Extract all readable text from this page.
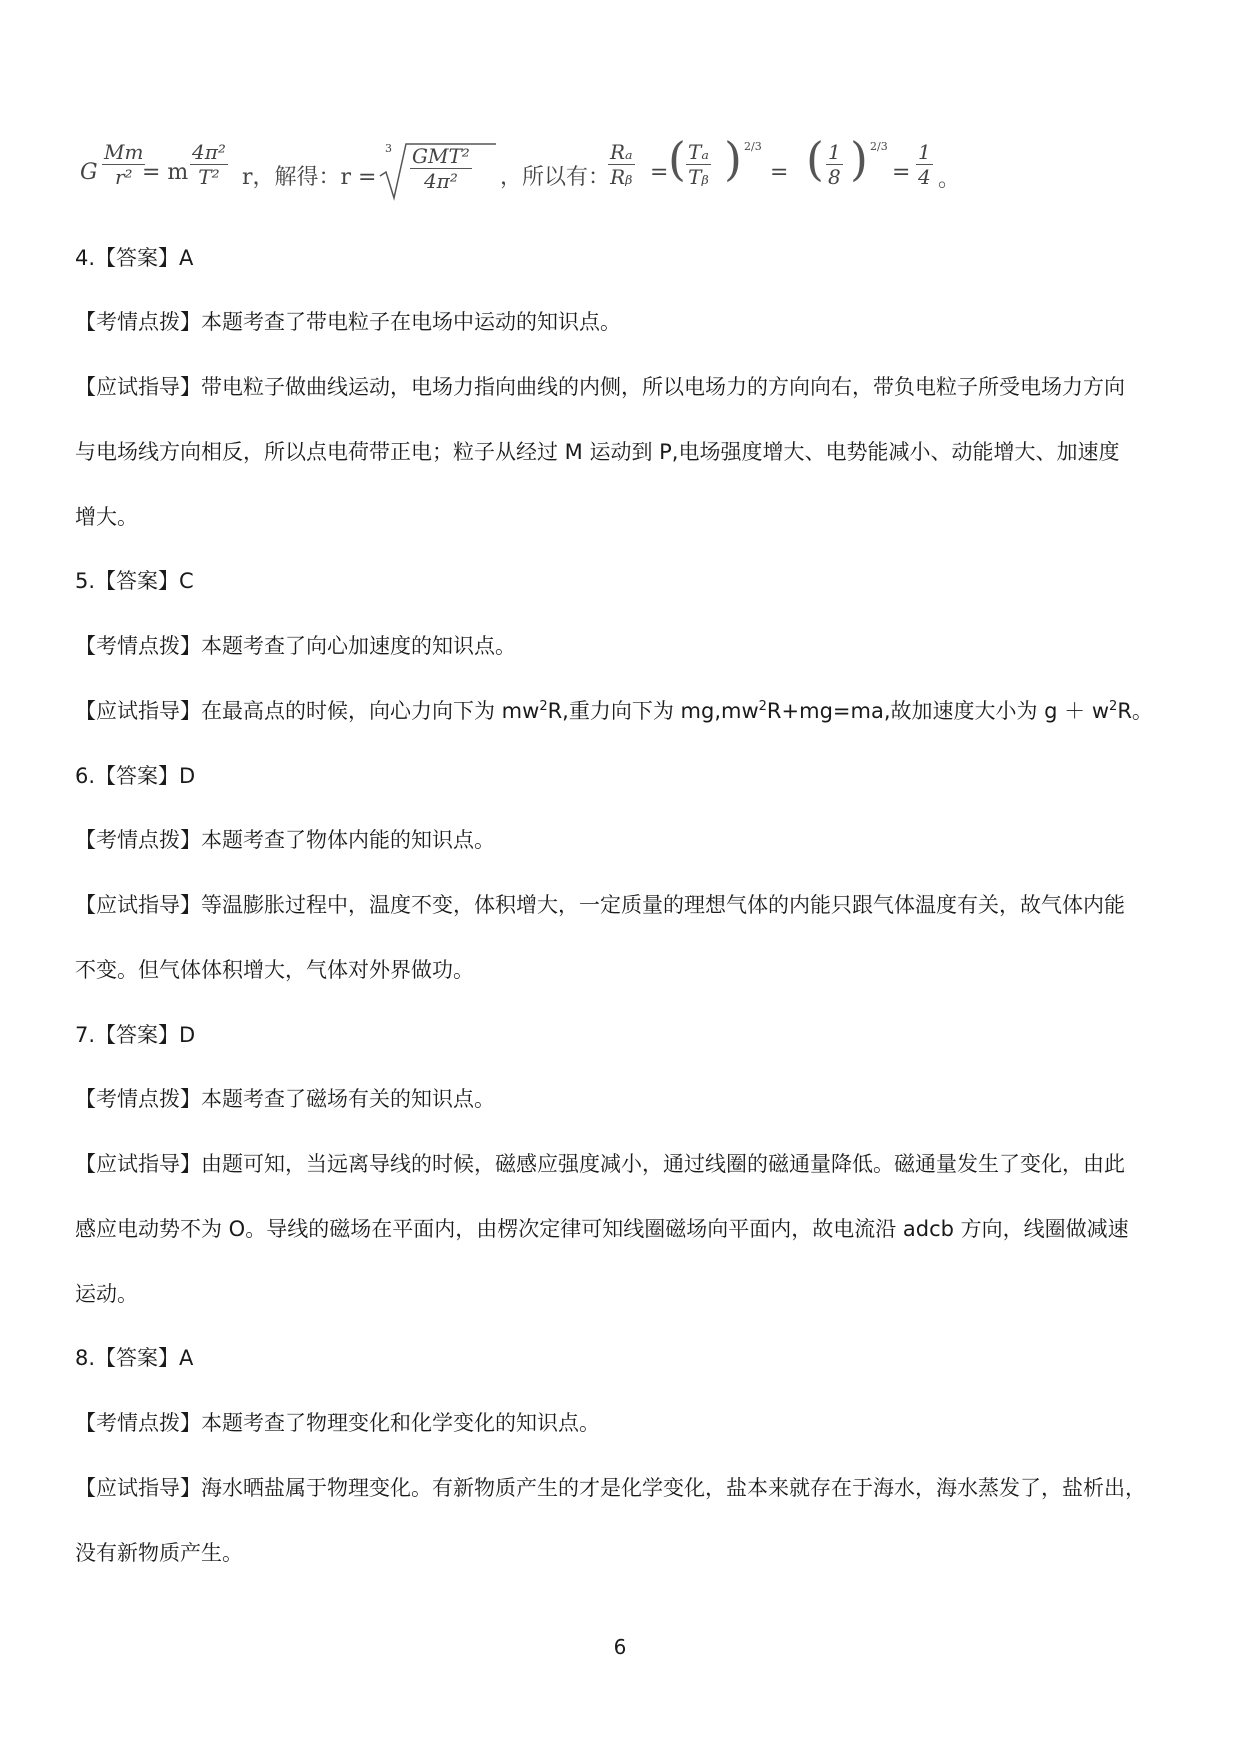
G $\frac{Mm}{\text{r²}}$
= m $\frac{\text{4π²}}{\text{T²}}$ r，解得：r =
3 GMT²
4π²	，所以有：
$\frac{\text{Rₐ}}{\text{Rᵦ}}$ = ( $\frac{\text{Tₐ}}{\text{Tᵦ}}$ ) 2/3
= ( $\frac{1}{8}$ ) 2/3
= $\frac{1}{4}$ 。
4.【答案】A
【考情点拨】本题考查了带电粒子在电场中运动的知识点。
【应试指导】带电粒子做曲线运动，电场力指向曲线的内侧，所以电场力的方向向右，带负电粒子所受电场力方向
与电场线方向相反，所以点电荷带正电；粒子从经过 M 运动到 P,电场强度增大、电势能减小、动能增大、加速度
增大。
5.【答案】C
【考情点拨】本题考查了向心加速度的知识点。
【应试指导】在最高点的时候，向心力向下为 $mw^2R$,重力向下为 $mg,mw^2R+mg=ma$,故加速度大小为 $g + w^2R$。
6.【答案】D
【考情点拨】本题考查了物体内能的知识点。
【应试指导】等温膨胀过程中，温度不变，体积增大，一定质量的理想气体的内能只跟气体温度有关，故气体内能
不变。但气体体积增大，气体对外界做功。
7.【答案】D
【考情点拨】本题考查了磁场有关的知识点。
【应试指导】由题可知，当远离导线的时候，磁感应强度减小，通过线圈的磁通量降低。磁通量发生了变化，由此
感应电动势不为 O。导线的磁场在平面内，由楞次定律可知线圈磁场向平面内，故电流沿 adcb 方向，线圈做减速
运动。
8.【答案】A
【考情点拨】本题考查了物理变化和化学变化的知识点。
【应试指导】海水晒盐属于物理变化。有新物质产生的才是化学变化，盐本来就存在于海水，海水蒸发了，盐析出，
没有新物质产生。
6
